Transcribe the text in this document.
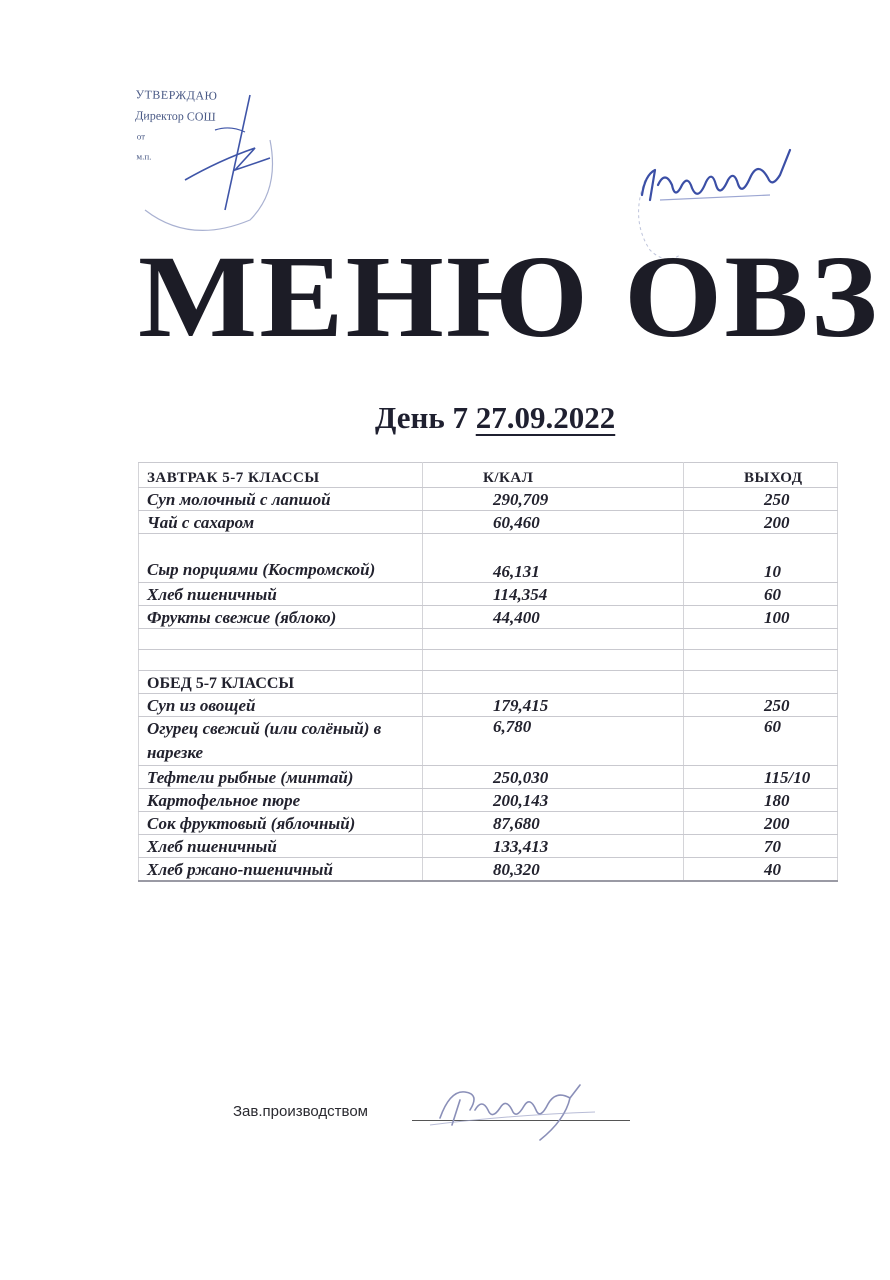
УТВЕРЖДАЮ
Директор СОШ
от
м.п.
МЕНЮ ОВЗ
День 7 27.09.2022
ЗАВТРАК 5-7 КЛАССЫ	К/КАЛ	ВЫХОД
Суп молочный с лапшой	290,709	250
Чай с сахаром	60,460	200
Сыр порциями (Костромской)	46,131	10
Хлеб пшеничный	114,354	60
Фрукты свежие (яблоко)	44,400	100

ОБЕД 5-7 КЛАССЫ		
Суп из овощей	179,415	250
Огурец свежий (или солёный) в нарезке	6,780	60
Тефтели рыбные (минтай)	250,030	115/10
Картофельное пюре	200,143	180
Сок фруктовый (яблочный)	87,680	200
Хлеб пшеничный	133,413	70
Хлеб ржано-пшеничный	80,320	40
Зав.производством
